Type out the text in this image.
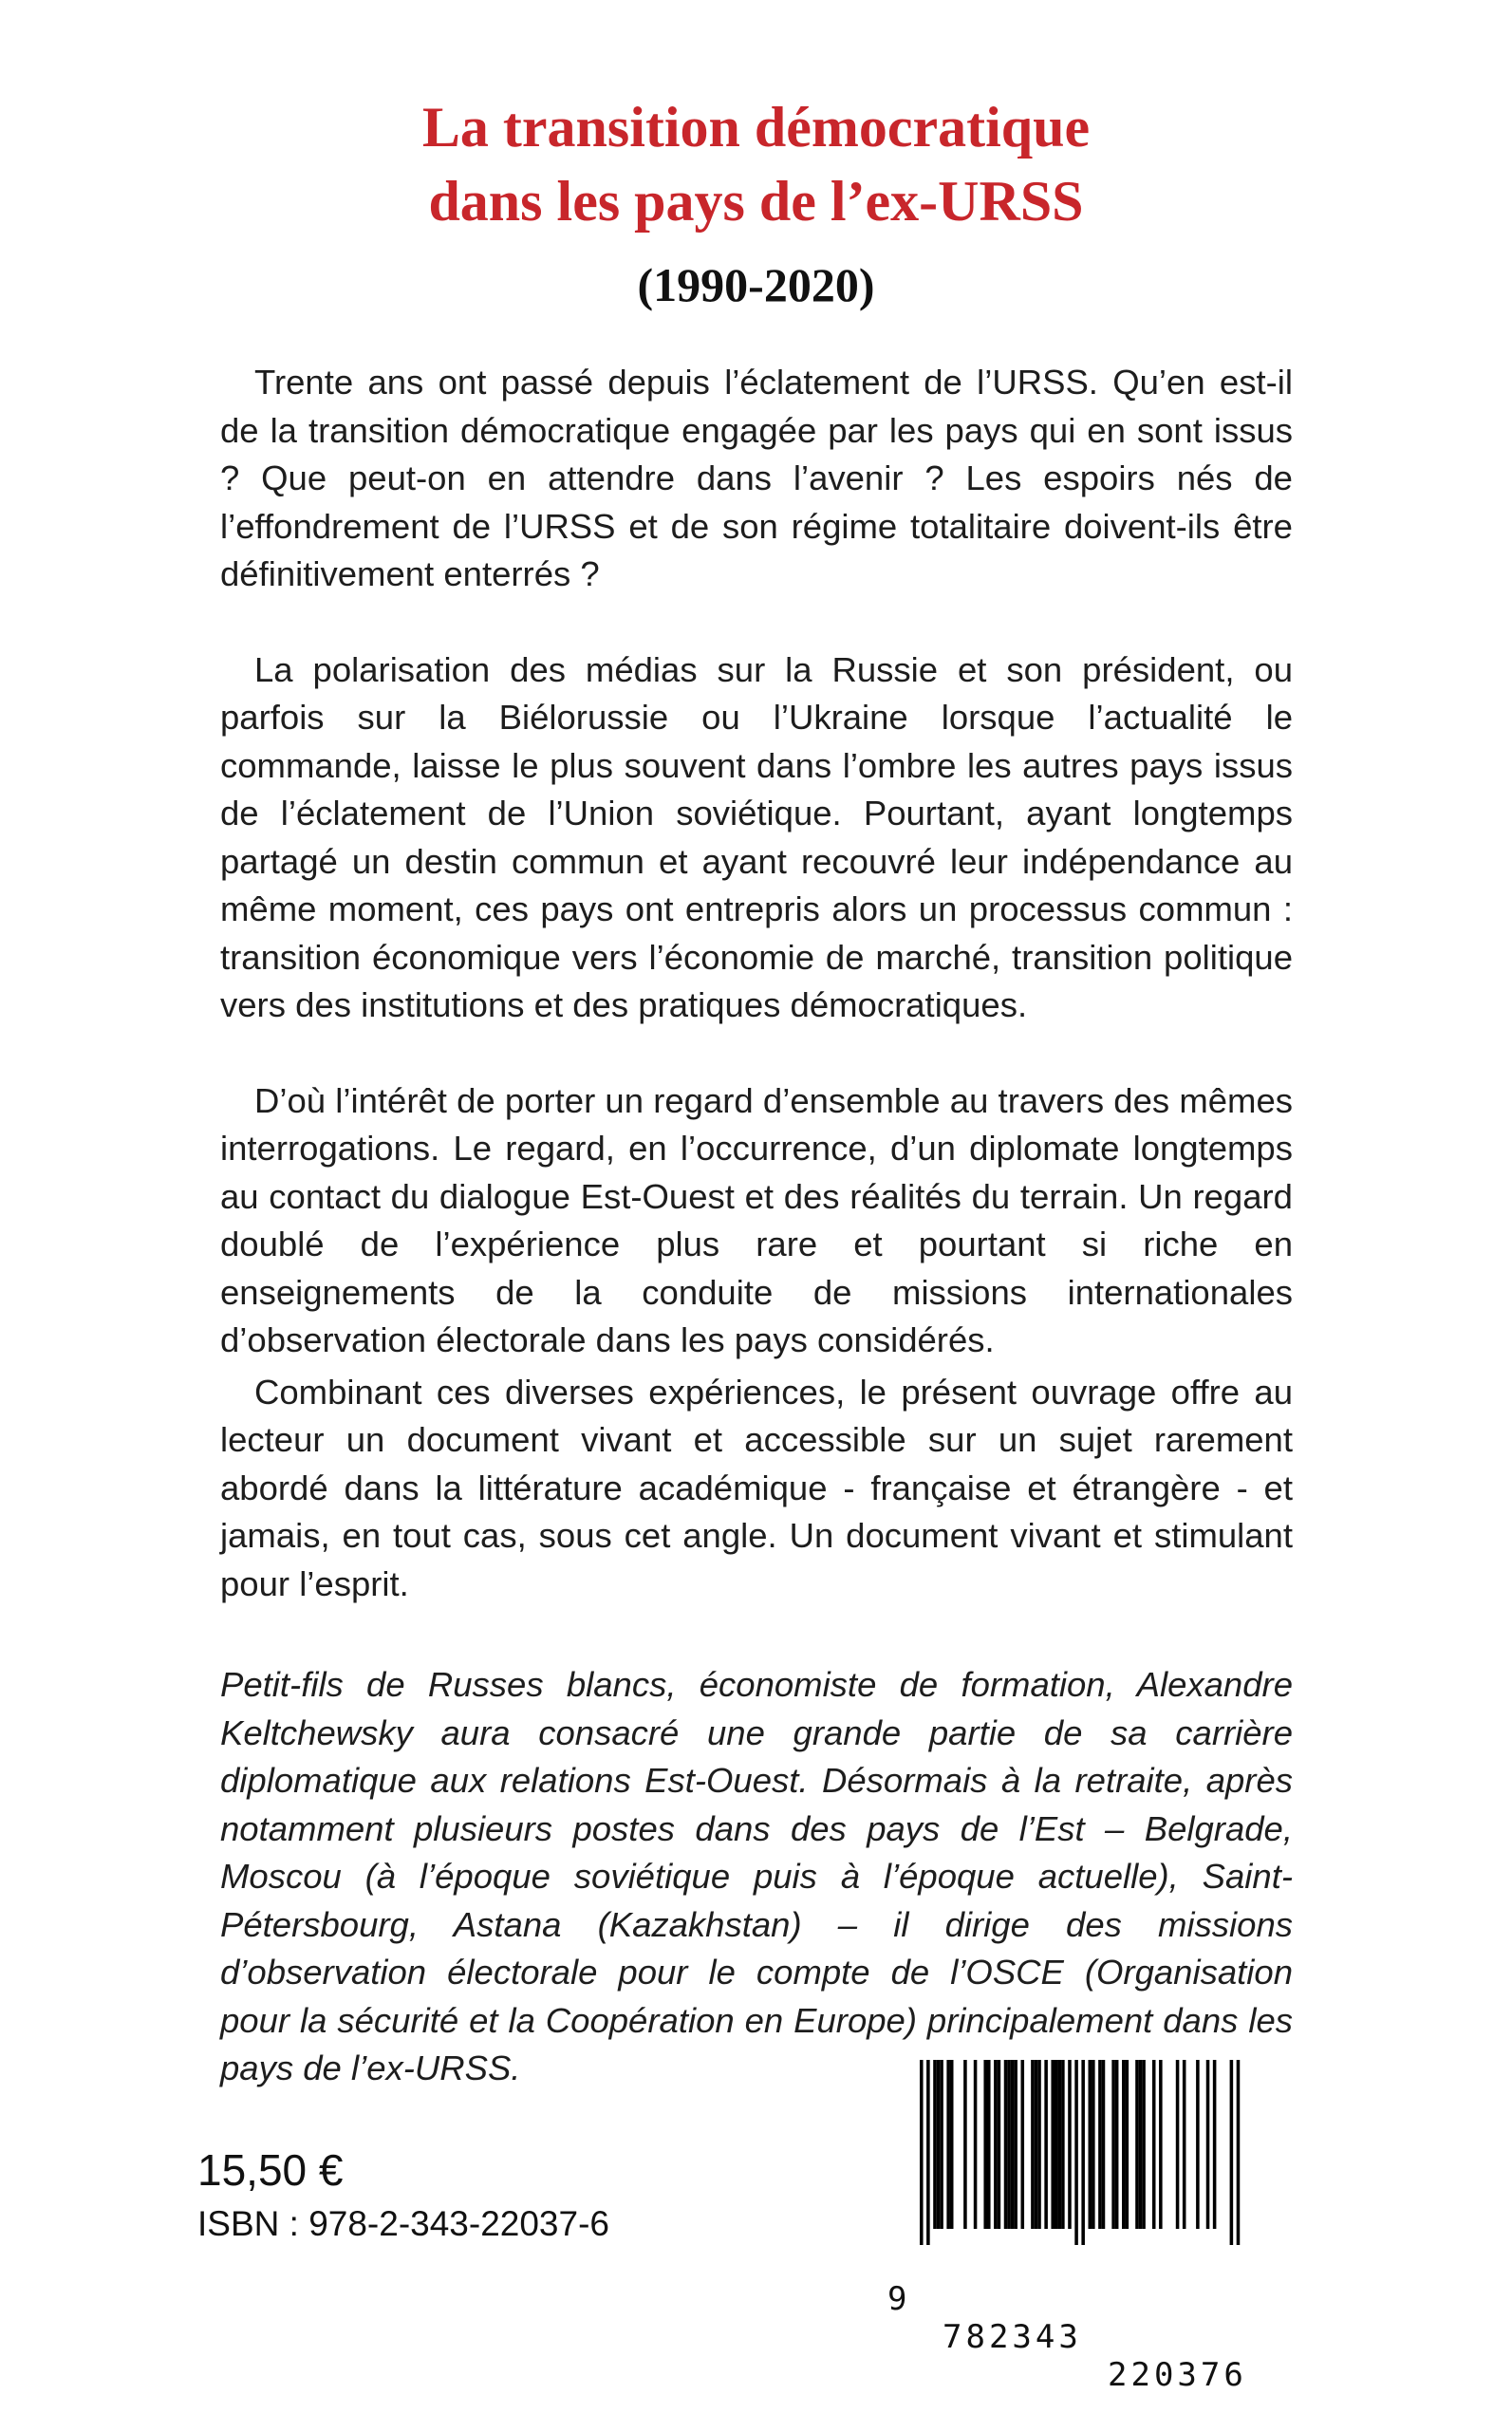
La transition démocratique
dans les pays de l’ex-URSS
(1990-2020)

Trente ans ont passé depuis l’éclatement de l’URSS. Qu’en est-il de la transition démocratique engagée par les pays qui en sont issus ? Que peut-on en attendre dans l’avenir ? Les espoirs nés de l’effondrement de l’URSS et de son régime totalitaire doivent-ils être définitivement enterrés ?

La polarisation des médias sur la Russie et son président, ou parfois sur la Biélorussie ou l’Ukraine lorsque l’actualité le commande, laisse le plus souvent dans l’ombre les autres pays issus de l’éclatement de l’Union soviétique. Pourtant, ayant longtemps partagé un destin commun et ayant recouvré leur indépendance au même moment, ces pays ont entrepris alors un processus commun : transition économique vers l’économie de marché, transition politique vers des institutions et des pratiques démocratiques.

D’où l’intérêt de porter un regard d’ensemble au travers des mêmes interrogations. Le regard, en l’occurrence, d’un diplomate longtemps au contact du dialogue Est-Ouest et des réalités du terrain. Un regard doublé de l’expérience plus rare et pourtant si riche en enseignements de la conduite de missions internationales d’observation électorale dans les pays considérés.

Combinant ces diverses expériences, le présent ouvrage offre au lecteur un document vivant et accessible sur un sujet rarement abordé dans la littérature académique - française et étrangère - et jamais, en tout cas, sous cet angle. Un document vivant et stimulant pour l’esprit.

Petit-fils de Russes blancs, économiste de formation, Alexandre Keltchewsky aura consacré une grande partie de sa carrière diplomatique aux relations Est-Ouest. Désormais à la retraite, après notamment plusieurs postes dans des pays de l’Est – Belgrade, Moscou (à l’époque soviétique puis à l’époque actuelle), Saint-Pétersbourg, Astana (Kazakhstan) – il dirige des missions d’observation électorale pour le compte de l’OSCE (Organisation pour la sécurité et la Coopération en Europe) principalement dans les pays de l’ex-URSS.

15,50 €
ISBN : 978-2-343-22037-6

9

782343

220376
